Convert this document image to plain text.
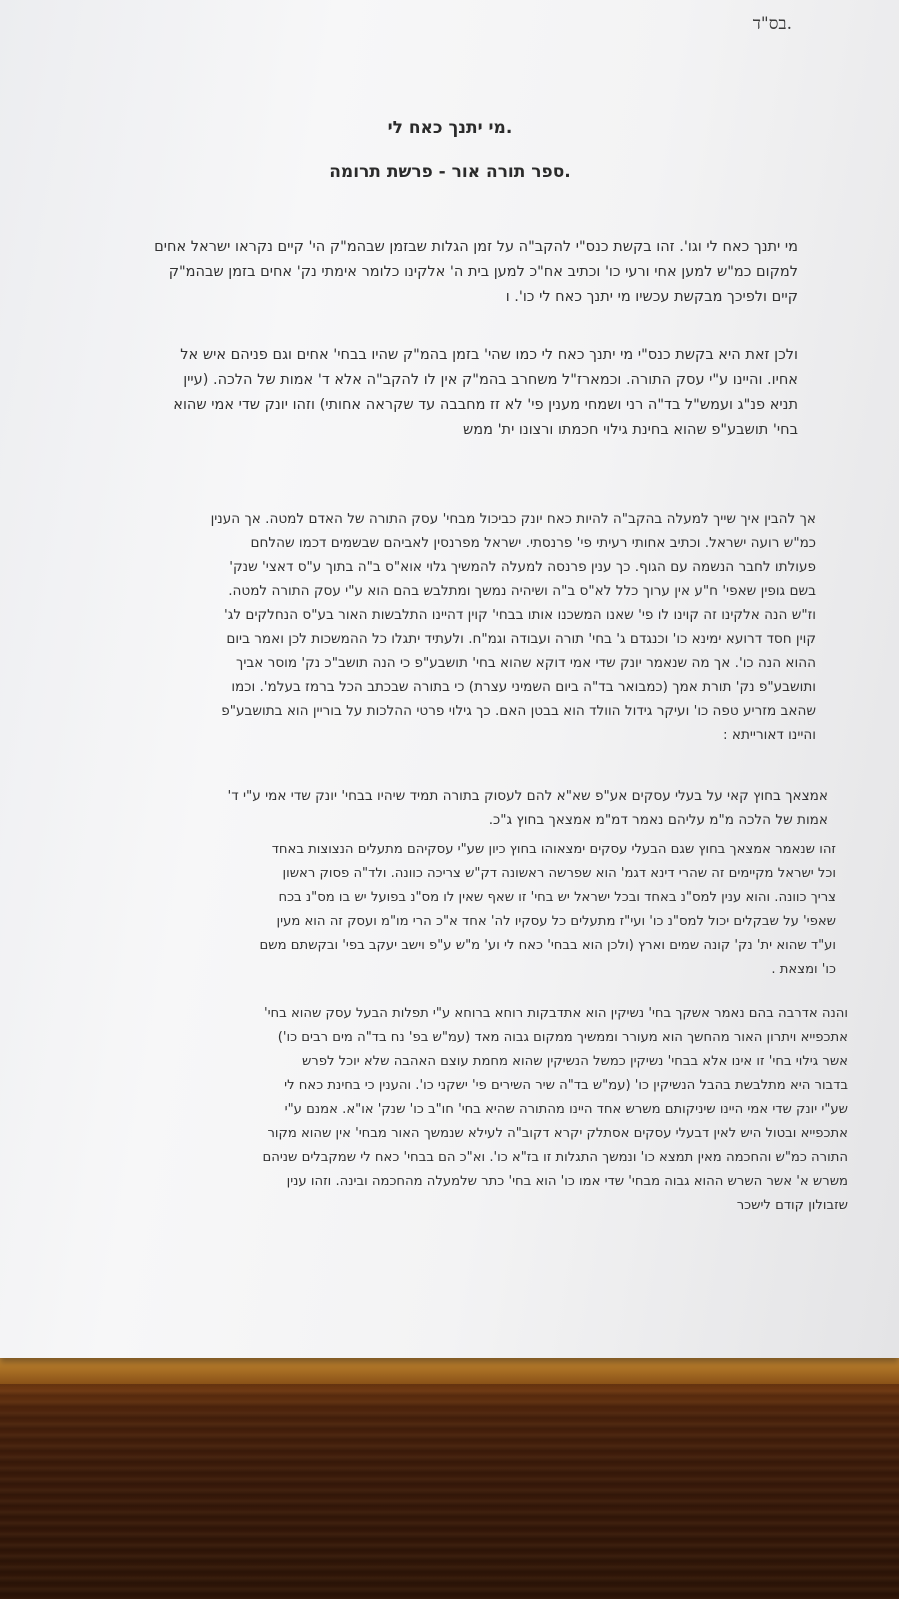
בס"ד.
מי יתנך כאח לי.
ספר תורה אור - פרשת תרומה.
מי יתנך כאח לי וגו'. זהו בקשת כנס"י להקב"ה על זמן הגלות שבזמן שבהמ"ק הי' קיים נקראו ישראל אחים
למקום כמ"ש למען אחי ורעי כו' וכתיב אח"כ למען בית ה' אלקינו כלומר אימתי נק' אחים בזמן שבהמ"ק
קיים ולפיכך מבקשת עכשיו מי יתנך כאח לי כו'. ו
ולכן זאת היא בקשת כנס"י מי יתנך כאח לי כמו שהי' בזמן בהמ"ק שהיו בבחי' אחים וגם פניהם איש אל
אחיו. והיינו ע"י עסק התורה. וכמארז"ל משחרב בהמ"ק אין לו להקב"ה אלא ד' אמות של הלכה. (עיין
תניא פנ"ג ועמש"ל בד"ה רני ושמחי מענין פי' לא זז מחבבה עד שקראה אחותי) וזהו יונק שדי אמי שהוא
בחי' תושבע"פ שהוא בחינת גילוי חכמתו ורצונו ית' ממש
אך להבין איך שייך למעלה בהקב"ה להיות כאח יונק כביכול מבחי' עסק התורה של האדם למטה. אך הענין
כמ"ש רועה ישראל. וכתיב אחותי רעיתי פי' פרנסתי. ישראל מפרנסין לאביהם שבשמים דכמו שהלחם
פעולתו לחבר הנשמה עם הגוף. כך ענין פרנסה למעלה להמשיך גלוי אוא"ס ב"ה בתוך ע"ס דאצי' שנק'
בשם גופין שאפי' ח"ע אין ערוך כלל לא"ס ב"ה ושיהיה נמשך ומתלבש בהם הוא ע"י עסק התורה למטה.
וז"ש הנה אלקינו זה קוינו לו פי' שאנו המשכנו אותו בבחי' קוין דהיינו התלבשות האור בע"ס הנחלקים לג'
קוין חסד דרועא ימינא כו' וכנגדם ג' בחי' תורה ועבודה וגמ"ח. ולעתיד יתגלו כל ההמשכות לכן ואמר ביום
ההוא הנה כו'. אך מה שנאמר יונק שדי אמי דוקא שהוא בחי' תושבע"פ כי הנה תושב"כ נק' מוסר אביך
ותושבע"פ נק' תורת אמך (כמבואר בד"ה ביום השמיני עצרת) כי בתורה שבכתב הכל ברמז בעלמ'. וכמו
שהאב מזריע טפה כו' ועיקר גידול הוולד הוא בבטן האם. כך גילוי פרטי ההלכות על בוריין הוא בתושבע"פ
והיינו דאורייתא :
אמצאך בחוץ קאי על בעלי עסקים אע"פ שא"א להם לעסוק בתורה תמיד שיהיו בבחי' יונק שדי אמי ע"י ד'
אמות של הלכה מ"מ עליהם נאמר דמ"מ אמצאך בחוץ ג"כ.
זהו שנאמר אמצאך בחוץ שגם הבעלי עסקים ימצאוהו בחוץ כיון שע"י עסקיהם מתעלים הנצוצות באחד
וכל ישראל מקיימים זה שהרי דינא דגמ' הוא שפרשה ראשונה דק"ש צריכה כוונה. ולד"ה פסוק ראשון
צריך כוונה. והוא ענין למס"נ באחד ובכל ישראל יש בחי' זו שאף שאין לו מס"נ בפועל יש בו מס"נ בכח
שאפי' על שבקלים יכול למס"נ כו' ועי"ז מתעלים כל עסקיו לה' אחד א"כ הרי מו"מ ועסק זה הוא מעין
וע"ד שהוא ית' נק' קונה שמים וארץ (ולכן הוא בבחי' כאח לי וע' מ"ש ע"פ וישב יעקב בפי' ובקשתם משם
כו' ומצאת .
והנה אדרבה בהם נאמר אשקך בחי' נשיקין הוא אתדבקות רוחא ברוחא ע"י תפלות הבעל עסק שהוא בחי'
אתכפייא ויתרון האור מהחשך הוא מעורר וממשיך ממקום גבוה מאד (עמ"ש בפ' נח בד"ה מים רבים כו')
אשר גילוי בחי' זו אינו אלא בבחי' נשיקין כמשל הנשיקין שהוא מחמת עוצם האהבה שלא יוכל לפרש
בדבור היא מתלבשת בהבל הנשיקין כו' (עמ"ש בד"ה שיר השירים פי' ישקני כו'. והענין כי בחינת כאח לי
שע"י יונק שדי אמי היינו שיניקותם משרש אחד היינו מהתורה שהיא בחי' חו"ב כו' שנק' או"א. אמנם ע"י
אתכפייא ובטול היש לאין דבעלי עסקים אסתלק יקרא דקוב"ה לעילא שנמשך האור מבחי' אין שהוא מקור
התורה כמ"ש והחכמה מאין תמצא כו' ונמשך התגלות זו בז"א כו'. וא"כ הם בבחי' כאח לי שמקבלים שניהם
משרש א' אשר השרש ההוא גבוה מבחי' שדי אמו כו' הוא בחי' כתר שלמעלה מהחכמה ובינה. וזהו ענין
שזבולון קודם לישכר
